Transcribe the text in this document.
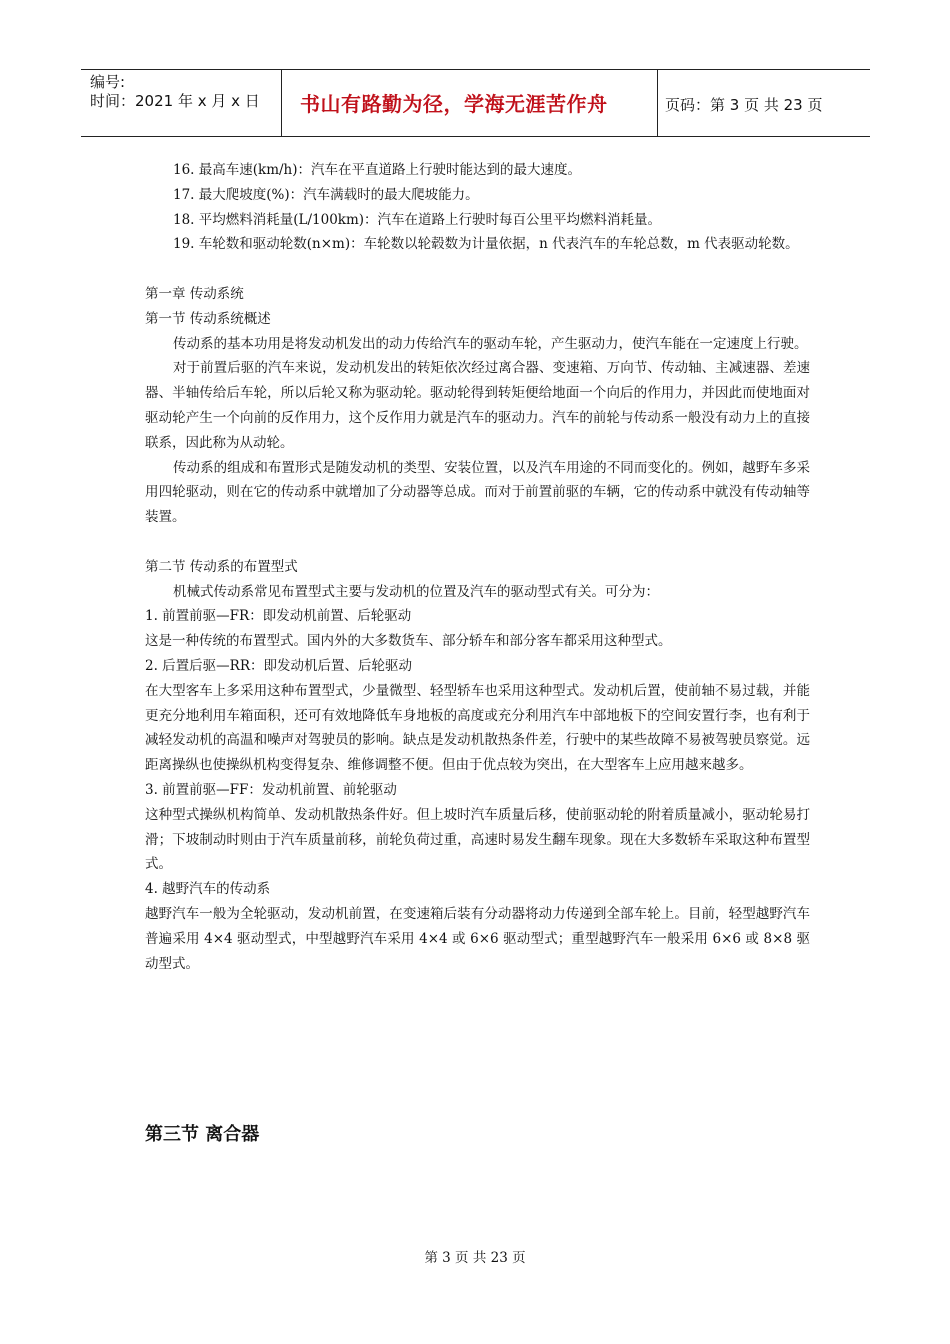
编号:
时间：2021 年 x 月 x 日 书山有路勤为径，学海无涯苦作舟	页码：第 3 页 共 23 页

16. 最高车速(km/h)：汽车在平直道路上行驶时能达到的最大速度。

17. 最大爬坡度(%)：汽车满载时的最大爬坡能力。

18. 平均燃料消耗量(L/100km)：汽车在道路上行驶时每百公里平均燃料消耗量。

19. 车轮数和驱动轮数(n×m)：车轮数以轮毂数为计量依据，n 代表汽车的车轮总数，m 代表驱动轮数。

第一章 传动系统

第一节 传动系统概述

传动系的基本功用是将发动机发出的动力传给汽车的驱动车轮，产生驱动力，使汽车能在一定速度上行驶。

对于前置后驱的汽车来说，发动机发出的转矩依次经过离合器、变速箱、万向节、传动轴、主减速器、差速器、半轴传给后车轮，所以后轮又称为驱动轮。驱动轮得到转矩便给地面一个向后的作用力，并因此而使地面对驱动轮产生一个向前的反作用力，这个反作用力就是汽车的驱动力。汽车的前轮与传动系一般没有动力上的直接联系，因此称为从动轮。

传动系的组成和布置形式是随发动机的类型、安装位置，以及汽车用途的不同而变化的。例如，越野车多采用四轮驱动，则在它的传动系中就增加了分动器等总成。而对于前置前驱的车辆，它的传动系中就没有传动轴等装置。

第二节 传动系的布置型式

机械式传动系常见布置型式主要与发动机的位置及汽车的驱动型式有关。可分为：

1. 前置前驱—FR：即发动机前置、后轮驱动

这是一种传统的布置型式。国内外的大多数货车、部分轿车和部分客车都采用这种型式。

2. 后置后驱—RR：即发动机后置、后轮驱动

在大型客车上多采用这种布置型式，少量微型、轻型轿车也采用这种型式。发动机后置，使前轴不易过载，并能更充分地利用车箱面积，还可有效地降低车身地板的高度或充分利用汽车中部地板下的空间安置行李，也有利于减轻发动机的高温和噪声对驾驶员的影响。缺点是发动机散热条件差，行驶中的某些故障不易被驾驶员察觉。远距离操纵也使操纵机构变得复杂、维修调整不便。但由于优点较为突出，在大型客车上应用越来越多。

3. 前置前驱—FF：发动机前置、前轮驱动

这种型式操纵机构简单、发动机散热条件好。但上坡时汽车质量后移，使前驱动轮的附着质量减小，驱动轮易打滑；下坡制动时则由于汽车质量前移，前轮负荷过重，高速时易发生翻车现象。现在大多数轿车采取这种布置型式。

4. 越野汽车的传动系

越野汽车一般为全轮驱动，发动机前置，在变速箱后装有分动器将动力传递到全部车轮上。目前，轻型越野汽车普遍采用 4×4 驱动型式，中型越野汽车采用 4×4 或 6×6 驱动型式；重型越野汽车一般采用 6×6 或 8×8 驱动型式。

第三节 离合器
第 3 页 共 23 页
